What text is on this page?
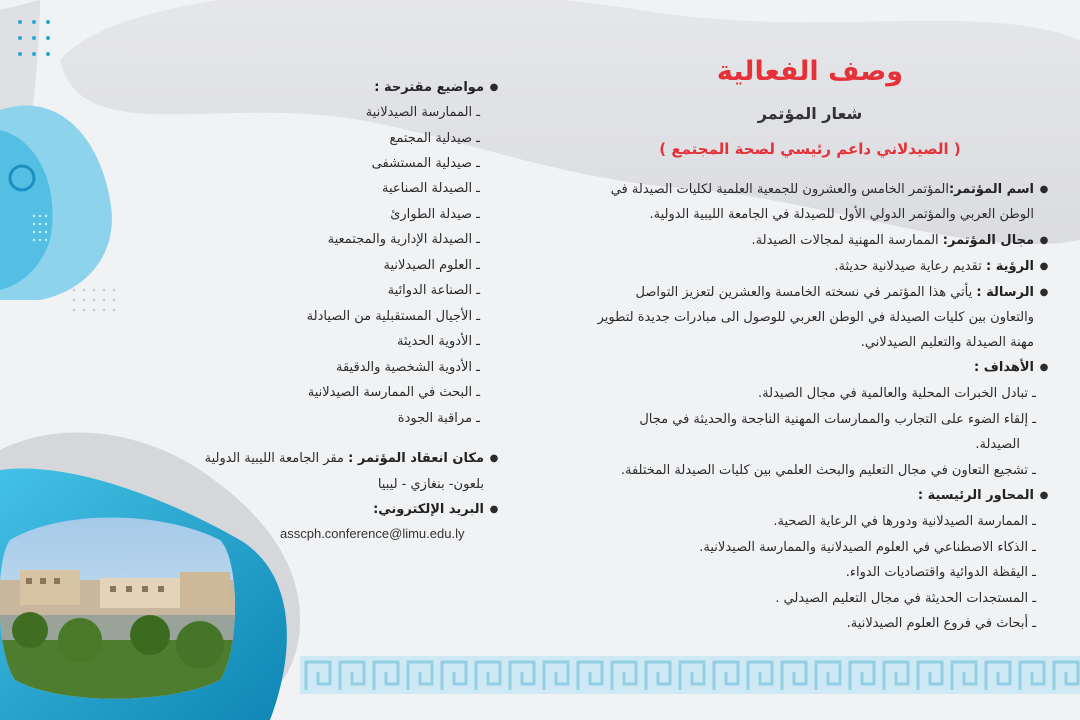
وصف الفعالية
شعار المؤتمر
( الصيدلاني داعم رئيسي لصحة المجتمع )
●
اسم المؤتمر:المؤتمر الخامس والعشرون للجمعية العلمية لكليات الصيدلة في
الوطن العربي والمؤتمر الدولي الأول للصيدلة في الجامعة الليبية الدولية.
●
مجال المؤتمر: الممارسة المهنية لمجالات الصيدلة.
●
الرؤية : تقديم رعاية صيدلانية حديثة.
●
الرسالة : يأتي هذا المؤتمر في نسخته الخامسة والعشرين لتعزيز التواصل
والتعاون بين كليات الصيدلة في الوطن العربي للوصول الى مبادرات جديدة لتطوير
مهنة الصيدلة والتعليم الصيدلاني.
●
الأهداف :
ـ تبادل الخبرات المحلية والعالمية في مجال الصيدلة.
ـ إلقاء الضوء على التجارب والممارسات المهنية الناجحة والحديثة في مجال
الصيدلة.
ـ تشجيع التعاون في مجال التعليم والبحث العلمي بين كليات الصيدلة المختلفة.
●
المحاور الرئيسية :
ـ الممارسة الصيدلانية ودورها في الرعاية الصحية.
ـ الذكاء الاصطناعي في العلوم الصيدلانية والممارسة الصيدلانية.
ـ اليقظة الدوائية واقتصاديات الدواء.
ـ المستجدات الحديثة في مجال التعليم الصيدلي .
ـ أبحاث في فروع العلوم الصيدلانية.
●
مواضيع مقترحة :
ـ الممارسة الصيدلانية
ـ صيدلية المجتمع
ـ صيدلية المستشفى
ـ الصيدلة الصناعية
ـ صيدلة الطوارئ
ـ الصيدلة الإدارية والمجتمعية
ـ العلوم الصيدلانية
ـ الصناعة الدوائية
ـ الأجيال المستقبلية من الصيادلة
ـ الأدوية الحديثة
ـ الأدوية الشخصية والدقيقة
ـ البحث في الممارسة الصيدلانية
ـ مراقبة الجودة
●
مكان انعقاد المؤتمر : مقر الجامعة الليبية الدولية
بلعون- بنغازي - ليبيا
●
البريد الإلكتروني:
asscph.conference@limu.edu.ly
